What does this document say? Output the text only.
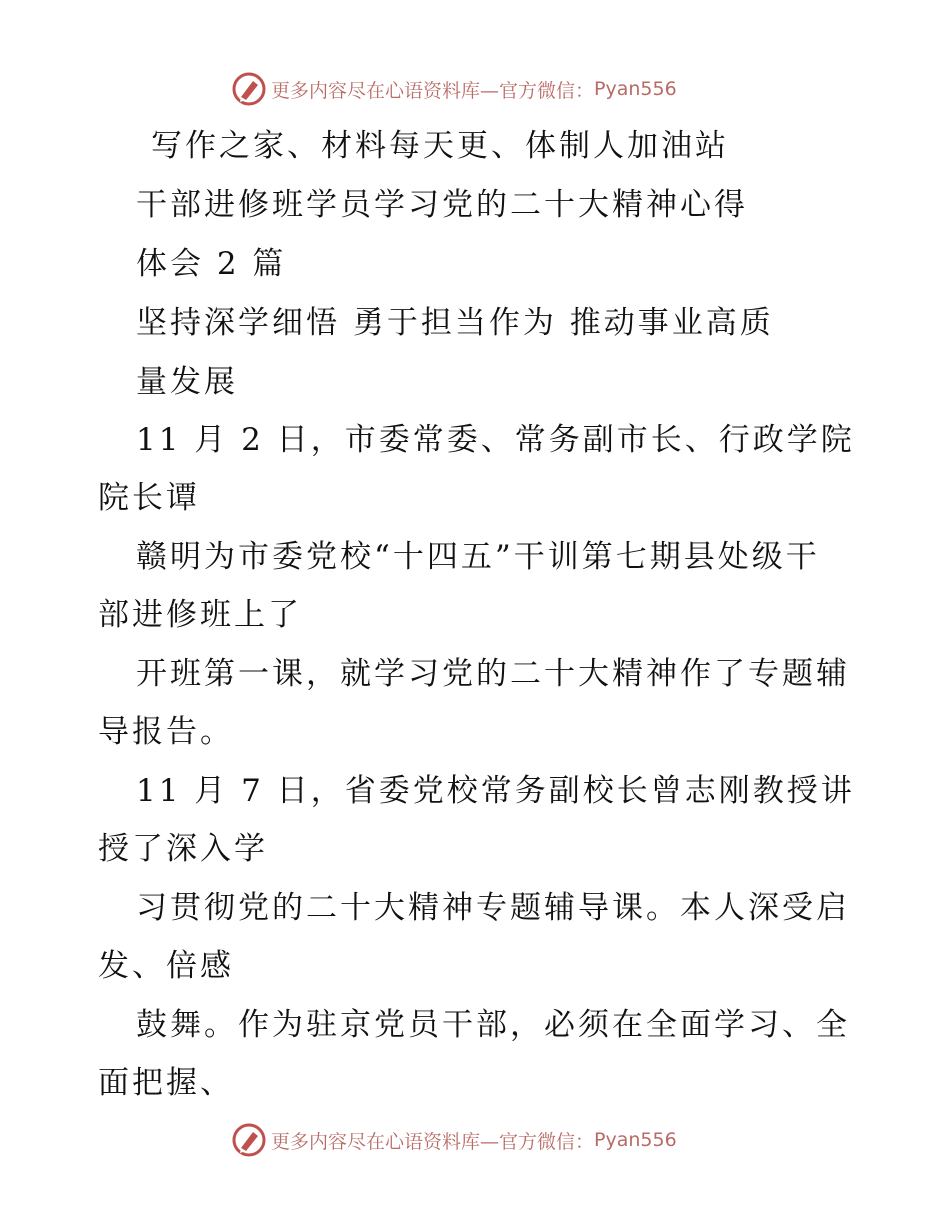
更多内容尽在心语资料库—官方微信： Pyan556
写作之家、材料每天更、体制人加油站
干部进修班学员学习党的二十大精神心得
体会 2 篇
坚持深学细悟 勇于担当作为 推动事业高质
量发展
11 月 2 日，市委常委、常务副市长、行政学院
院长谭
赣明为市委党校“十四五”干训第七期县处级干
部进修班上了
开班第一课，就学习党的二十大精神作了专题辅
导报告。
11 月 7 日，省委党校常务副校长曾志刚教授讲
授了深入学
习贯彻党的二十大精神专题辅导课。本人深受启
发、倍感
鼓舞。作为驻京党员干部，必须在全面学习、全
面把握、
更多内容尽在心语资料库—官方微信： Pyan556
